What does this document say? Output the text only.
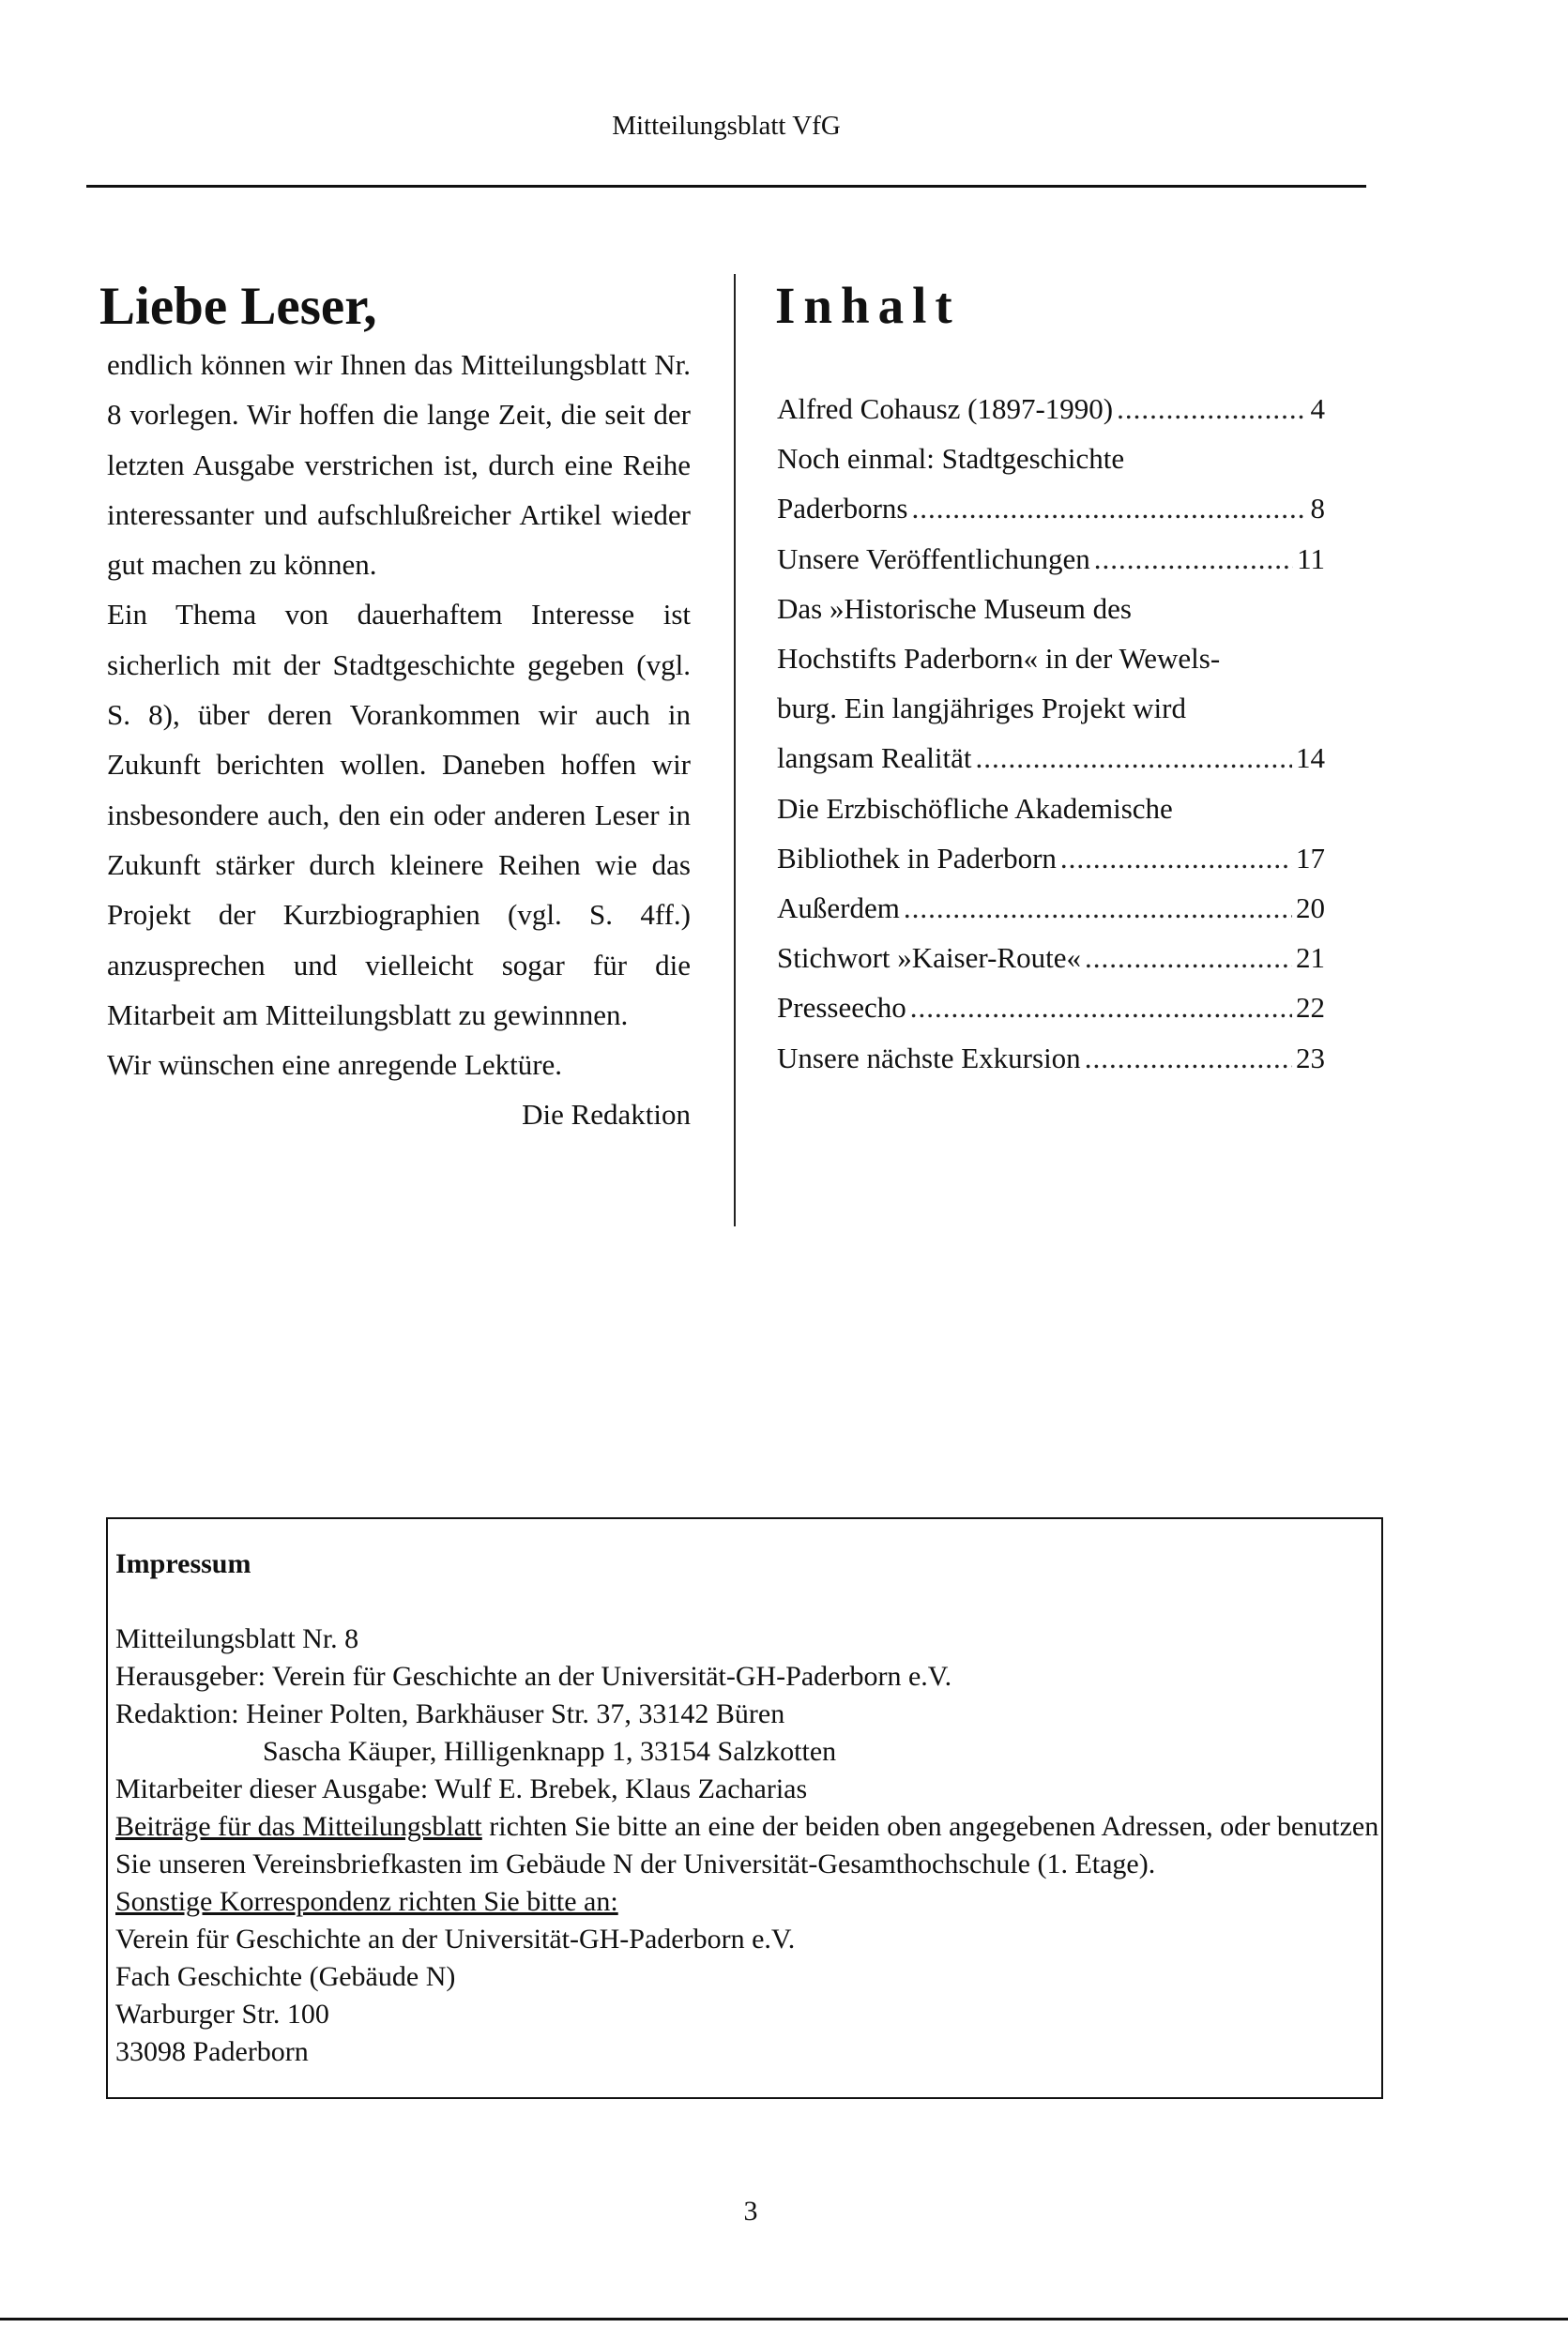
Mitteilungsblatt VfG
Liebe Leser,

endlich können wir Ihnen das Mitteilungsblatt Nr. 8 vorlegen. Wir hoffen die lange Zeit, die seit der letzten Ausgabe verstrichen ist, durch eine Reihe interessanter und aufschlußreicher Artikel wieder gut machen zu können.

Ein Thema von dauerhaftem Interesse ist sicherlich mit der Stadtgeschichte gegeben (vgl. S. 8), über deren Vorankommen wir auch in Zukunft berichten wollen. Daneben hoffen wir insbesondere auch, den ein oder anderen Leser in Zukunft stärker durch kleinere Reihen wie das Projekt der Kurzbiographien (vgl. S. 4ff.) anzusprechen und vielleicht sogar für die Mitarbeit am Mitteilungsblatt zu gewinnnen.

Wir wünschen eine anregende Lektüre.

Die Redaktion

Inhalt
Alfred Cohausz (1897-1990) .....	4
Noch einmal: Stadtgeschichte
Paderborns .....	8
Unsere Veröffentlichungen .....	11
Das »Historische Museum des
Hochstifts Paderborn« in der Wewels-
burg. Ein langjähriges Projekt wird
langsam Realität .....	14
Die Erzbischöfliche Akademische
Bibliothek in Paderborn .....	17
Außerdem .....	20
Stichwort »Kaiser-Route« .....	21
Presseecho .....	22
Unsere nächste Exkursion .....	23

Impressum

Mitteilungsblatt Nr. 8

Herausgeber: Verein für Geschichte an der Universität-GH-Paderborn e.V.

Redaktion: Heiner Polten, Barkhäuser Str. 37, 33142 Büren

Sascha Käuper, Hilligenknapp 1, 33154 Salzkotten

Mitarbeiter dieser Ausgabe: Wulf E. Brebek, Klaus Zacharias

Beiträge für das Mitteilungsblatt richten Sie bitte an eine der beiden oben angegebenen Adressen, oder benutzen Sie unseren Vereinsbriefkasten im Gebäude N der Universität-Gesamthochschule (1. Etage).

Sonstige Korrespondenz richten Sie bitte an:

Verein für Geschichte an der Universität-GH-Paderborn e.V.

Fach Geschichte (Gebäude N)

Warburger Str. 100

33098 Paderborn

3
